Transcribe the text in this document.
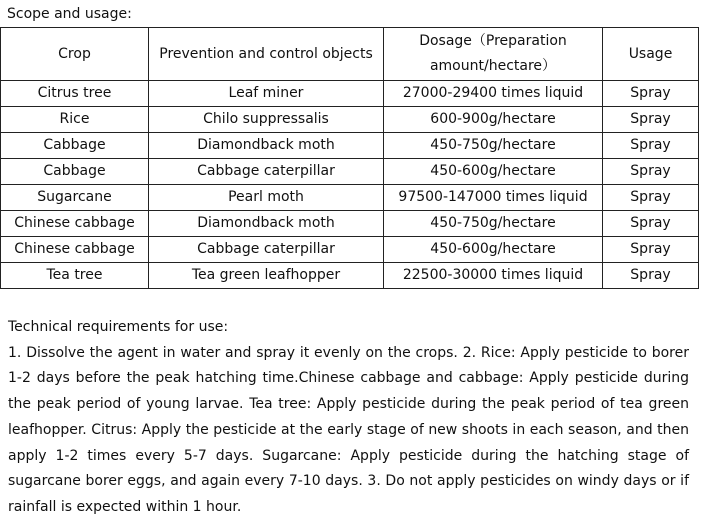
Scope and usage:
Crop	Prevention and control objects	Dosage（Preparation amount/hectare）	Usage
Citrus tree	Leaf miner	27000-29400 times liquid	Spray
Rice	Chilo suppressalis	600-900g/hectare	Spray
Cabbage	Diamondback moth	450-750g/hectare	Spray
Cabbage	Cabbage caterpillar	450-600g/hectare	Spray
Sugarcane	Pearl moth	97500-147000 times liquid	Spray
Chinese cabbage	Diamondback moth	450-750g/hectare	Spray
Chinese cabbage	Cabbage caterpillar	450-600g/hectare	Spray
Tea tree	Tea green leafhopper	22500-30000 times liquid	Spray
Technical requirements for use:
1. Dissolve the agent in water and spray it evenly on the crops. 2. Rice: Apply pesticide to borer 1-2 days before the peak hatching time.Chinese cabbage and cabbage: Apply pesticide during the peak period of young larvae. Tea tree: Apply pesticide during the peak period of tea green leafhopper. Citrus: Apply the pesticide at the early stage of new shoots in each season, and then apply 1-2 times every 5-7 days. Sugarcane: Apply pesticide during the hatching stage of sugarcane borer eggs, and again every 7-10 days. 3. Do not apply pesticides on windy days or if rainfall is expected within 1 hour.
